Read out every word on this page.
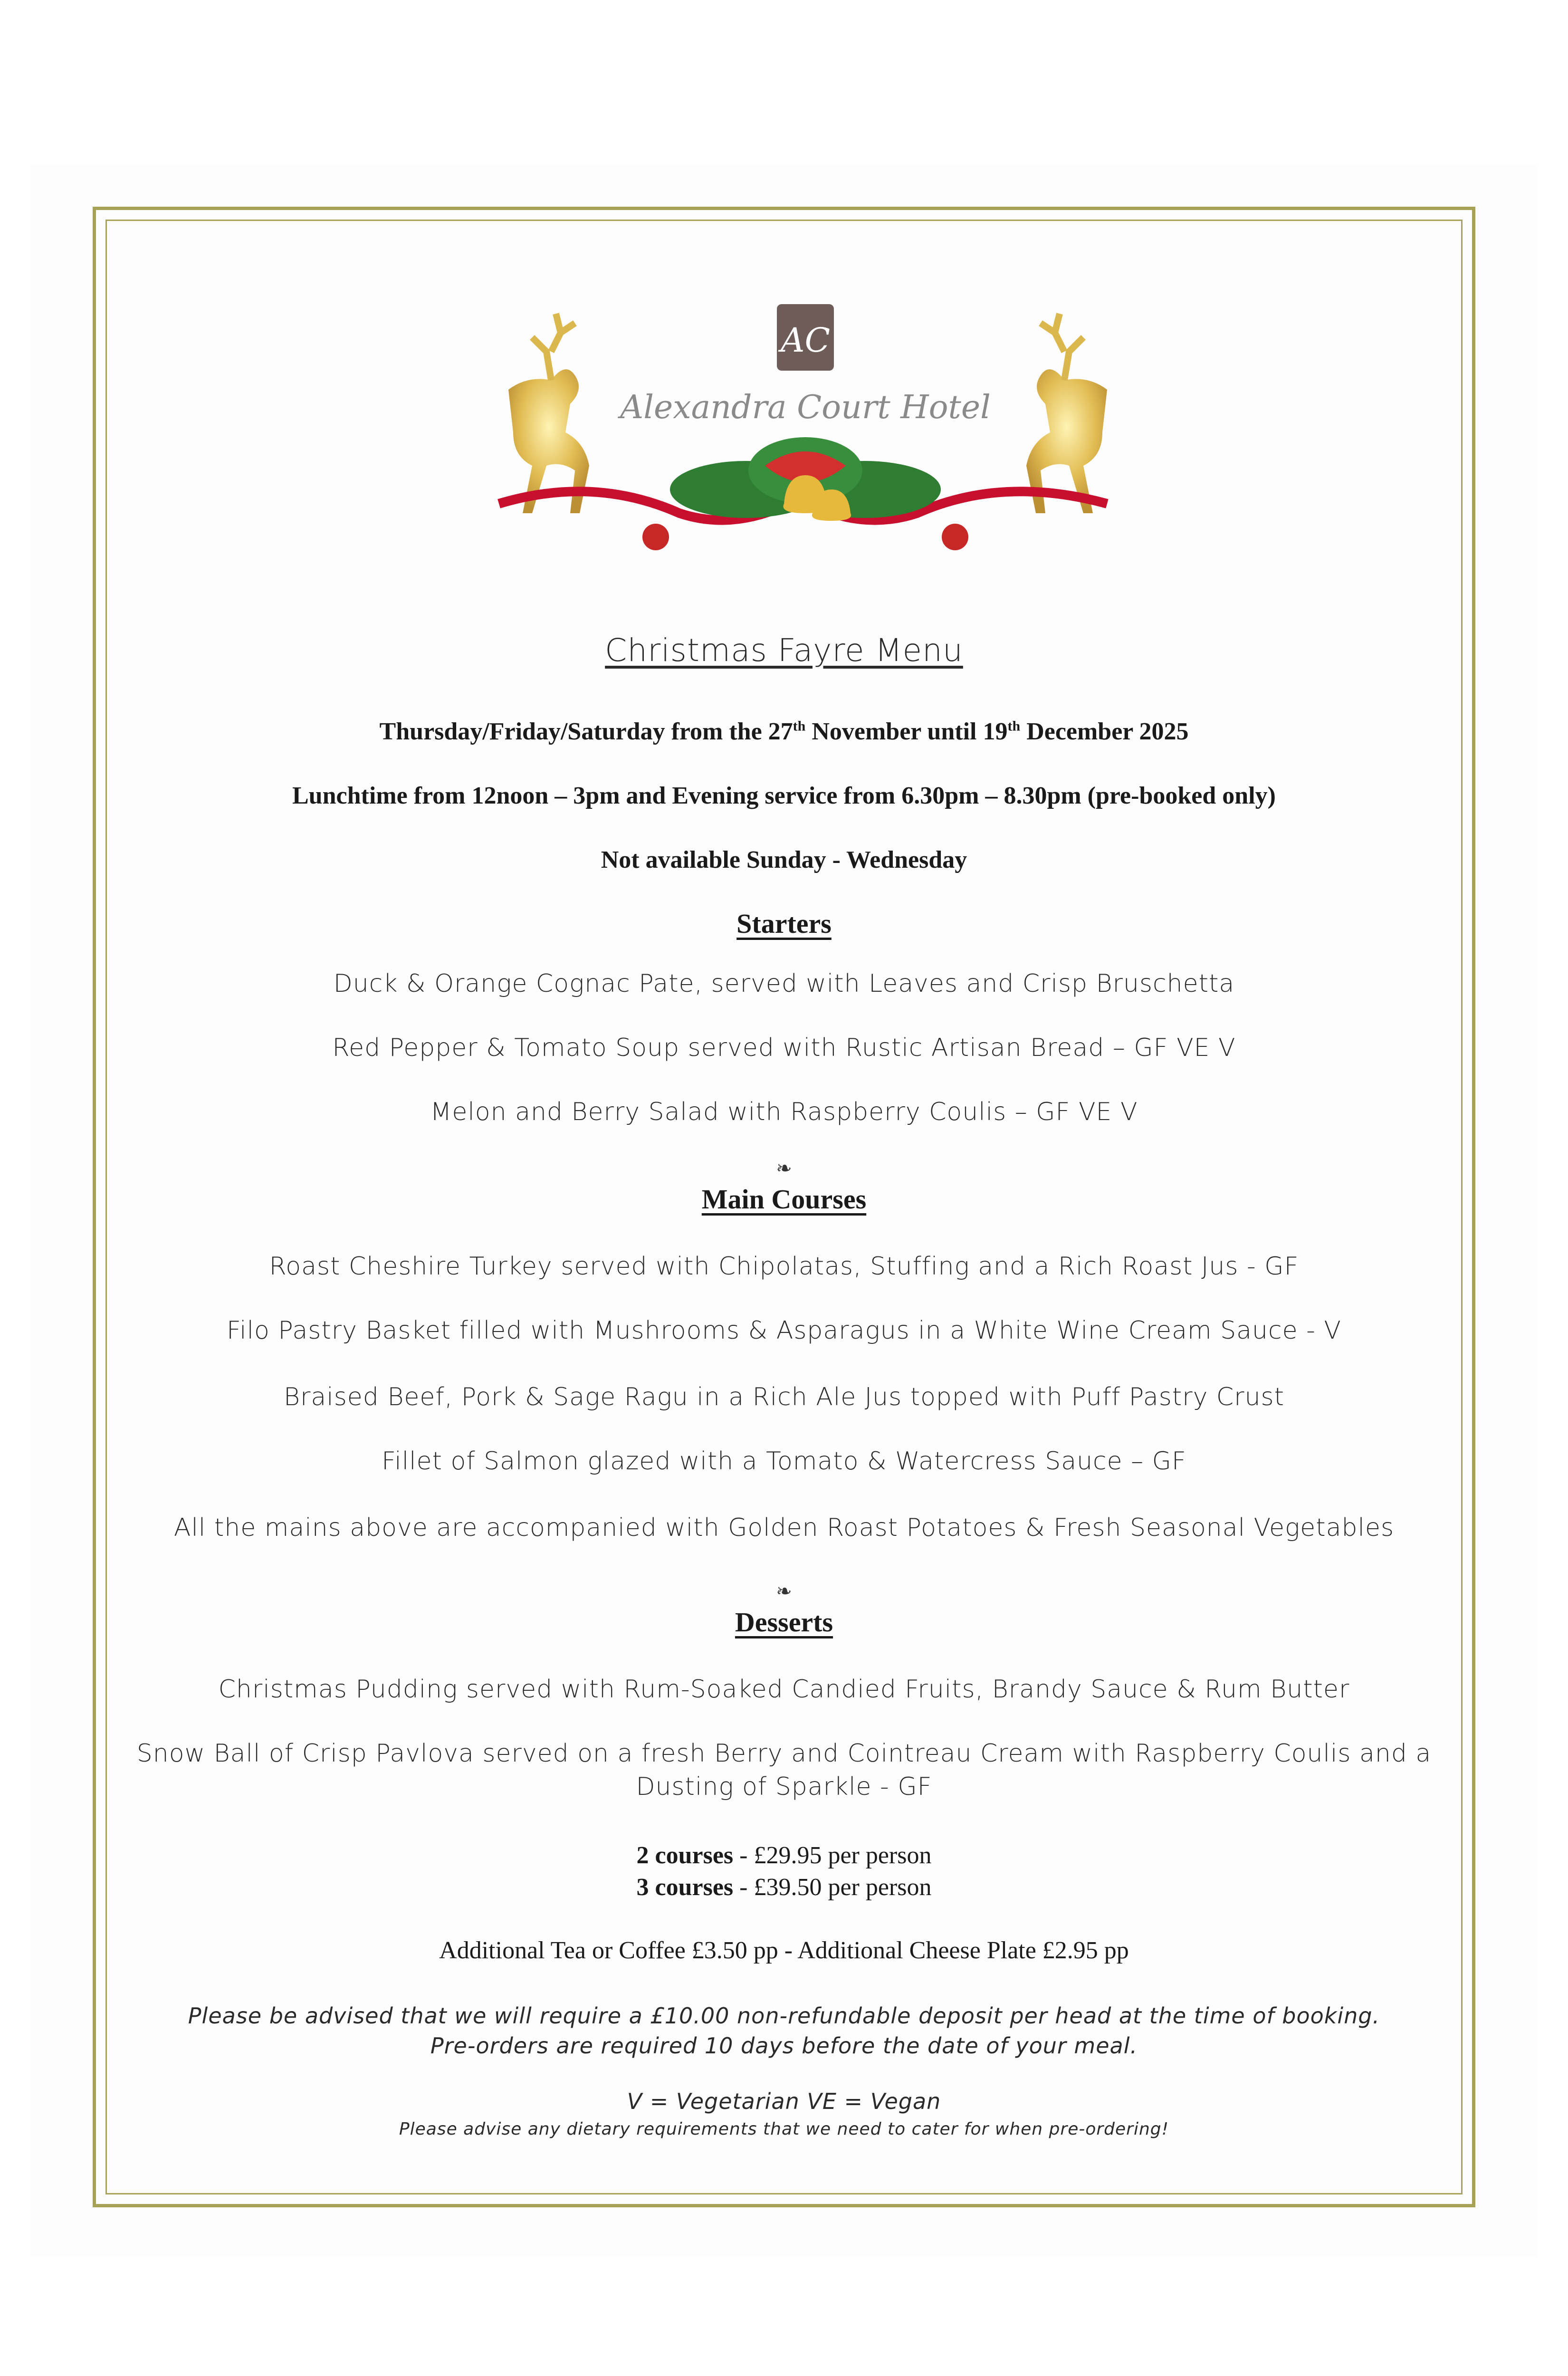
AC
Alexandra Court Hotel
Christmas Fayre Menu
Thursday/Friday/Saturday from the 27th November until 19th December 2025
Lunchtime from 12noon – 3pm and Evening service from 6.30pm – 8.30pm (pre-booked only)
Not available Sunday - Wednesday
Starters
Duck & Orange Cognac Pate, served with Leaves and Crisp Bruschetta
Red Pepper & Tomato Soup served with Rustic Artisan Bread – GF VE V
Melon and Berry Salad with Raspberry Coulis – GF VE V
❧
Main Courses
Roast Cheshire Turkey served with Chipolatas, Stuffing and a Rich Roast Jus - GF
Filo Pastry Basket filled with Mushrooms & Asparagus in a White Wine Cream Sauce - V
Braised Beef, Pork & Sage Ragu in a Rich Ale Jus topped with Puff Pastry Crust
Fillet of Salmon glazed with a Tomato & Watercress Sauce – GF
All the mains above are accompanied with Golden Roast Potatoes & Fresh Seasonal Vegetables
❧
Desserts
Christmas Pudding served with Rum-Soaked Candied Fruits, Brandy Sauce & Rum Butter
Snow Ball of Crisp Pavlova served on a fresh Berry and Cointreau Cream with Raspberry Coulis and a
Dusting of Sparkle - GF
2 courses - £29.95 per person
3 courses - £39.50 per person
Additional Tea or Coffee £3.50 pp - Additional Cheese Plate £2.95 pp
Please be advised that we will require a £10.00 non-refundable deposit per head at the time of booking.
Pre-orders are required 10 days before the date of your meal.
V = Vegetarian VE = Vegan
Please advise any dietary requirements that we need to cater for when pre-ordering!
